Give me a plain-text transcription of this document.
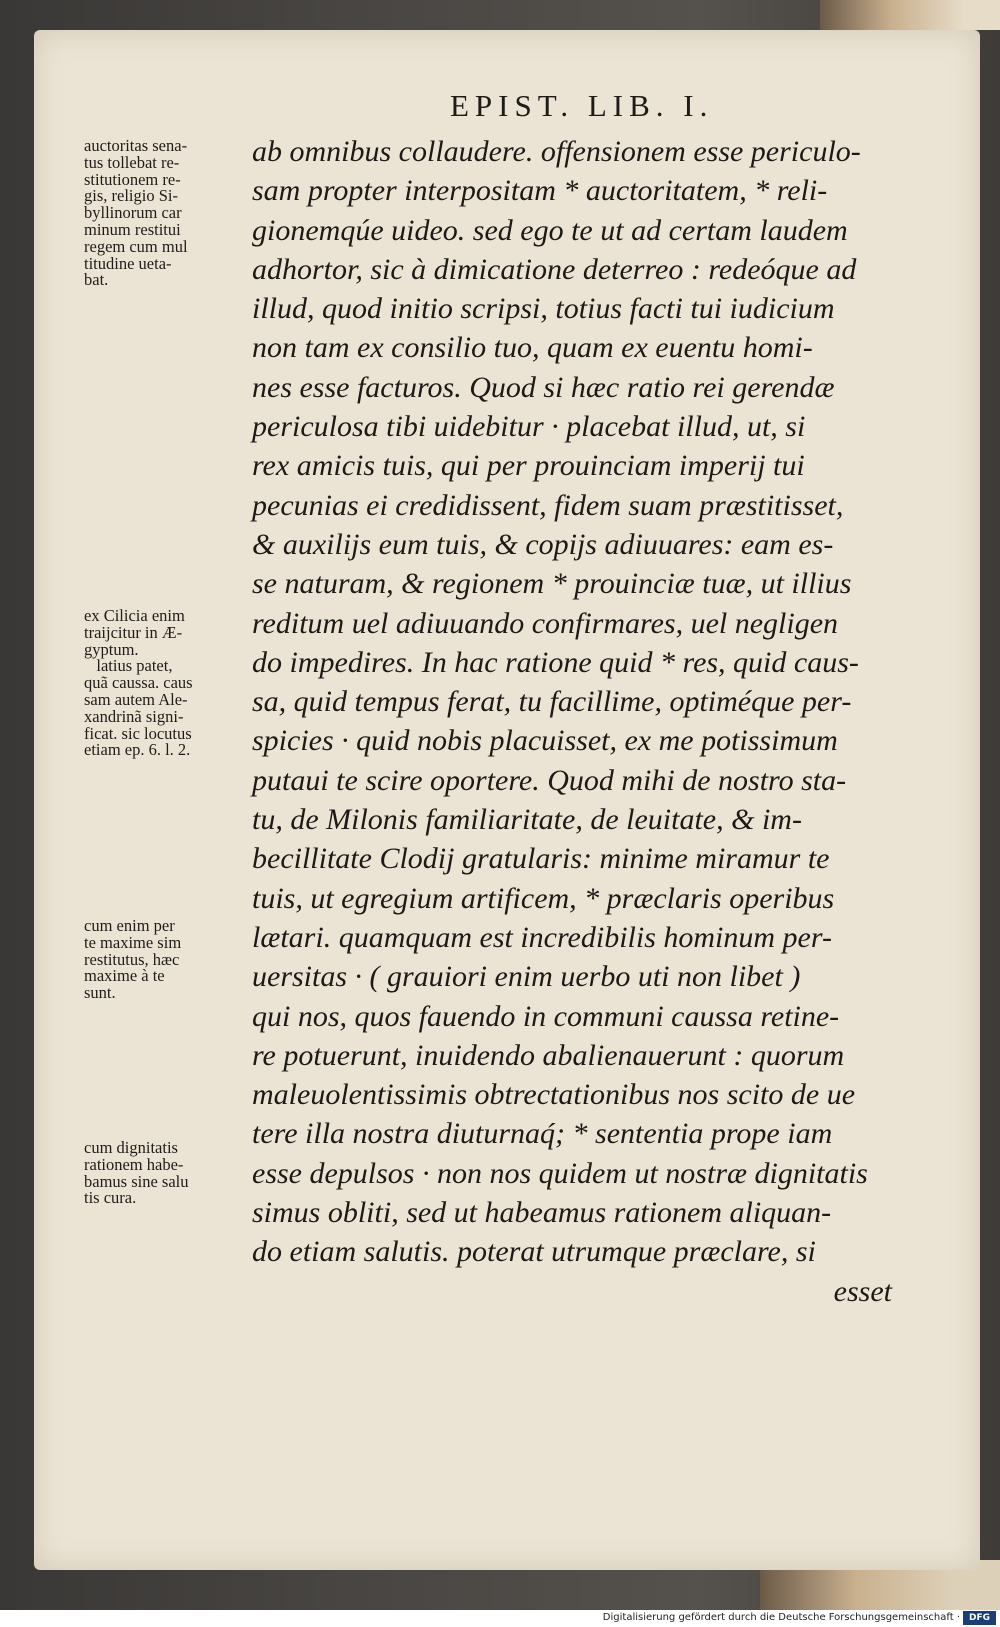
EPIST. LIB. I.
auctoritas sena-
tus tollebat re-
stitutionem re-
gis, religio Si-
byllinorum car
minum restitui
regem cum mul
titudine ueta-
bat.
ex Cilicia enim
traijcitur in Æ-
gyptum.
latius patet,
quã caussa. caus
sam autem Ale-
xandrinã signi-
ficat. sic locutus
etiam ep. 6. l. 2.
cum enim per
te maxime sim
restitutus, hæc
maxime à te
sunt.
cum dignitatis
rationem habe-
bamus sine salu
tis cura.
ab omnibus collaudere. offensionem esse periculo-
sam propter interpositam * auctoritatem, * reli-
gionemqúe uideo. sed ego te ut ad certam laudem
adhortor, sic à dimicatione deterreo : redeóque ad
illud, quod initio scripsi, totius facti tui iudicium
non tam ex consilio tuo, quam ex euentu homi-
nes esse facturos. Quod si hæc ratio rei gerendæ
periculosa tibi uidebitur · placebat illud, ut, si
rex amicis tuis, qui per prouinciam imperij tui
pecunias ei credidissent, fidem suam præstitisset,
& auxilijs eum tuis, & copijs adiuuares: eam es-
se naturam, & regionem * prouinciæ tuæ, ut illius
reditum uel adiuuando confirmares, uel negligen
do impedires. In hac ratione quid * res, quid caus-
sa, quid tempus ferat, tu facillime, optiméque per-
spicies · quid nobis placuisset, ex me potissimum
putaui te scire oportere. Quod mihi de nostro sta-
tu, de Milonis familiaritate, de leuitate, & im-
becillitate Clodij gratularis: minime miramur te
tuis, ut egregium artificem, * præclaris operibus
lætari. quamquam est incredibilis hominum per-
uersitas · ( grauiori enim uerbo uti non libet )
qui nos, quos fauendo in communi caussa retine-
re potuerunt, inuidendo abalienauerunt : quorum
maleuolentissimis obtrectationibus nos scito de ue
tere illa nostra diuturnaq́; * sententia prope iam
esse depulsos · non nos quidem ut nostræ dignitatis
simus obliti, sed ut habeamus rationem aliquan-
do etiam salutis. poterat utrumque præclare, si
esset
Digitalisierung gefördert durch die Deutsche Forschungsgemeinschaft · DFG
